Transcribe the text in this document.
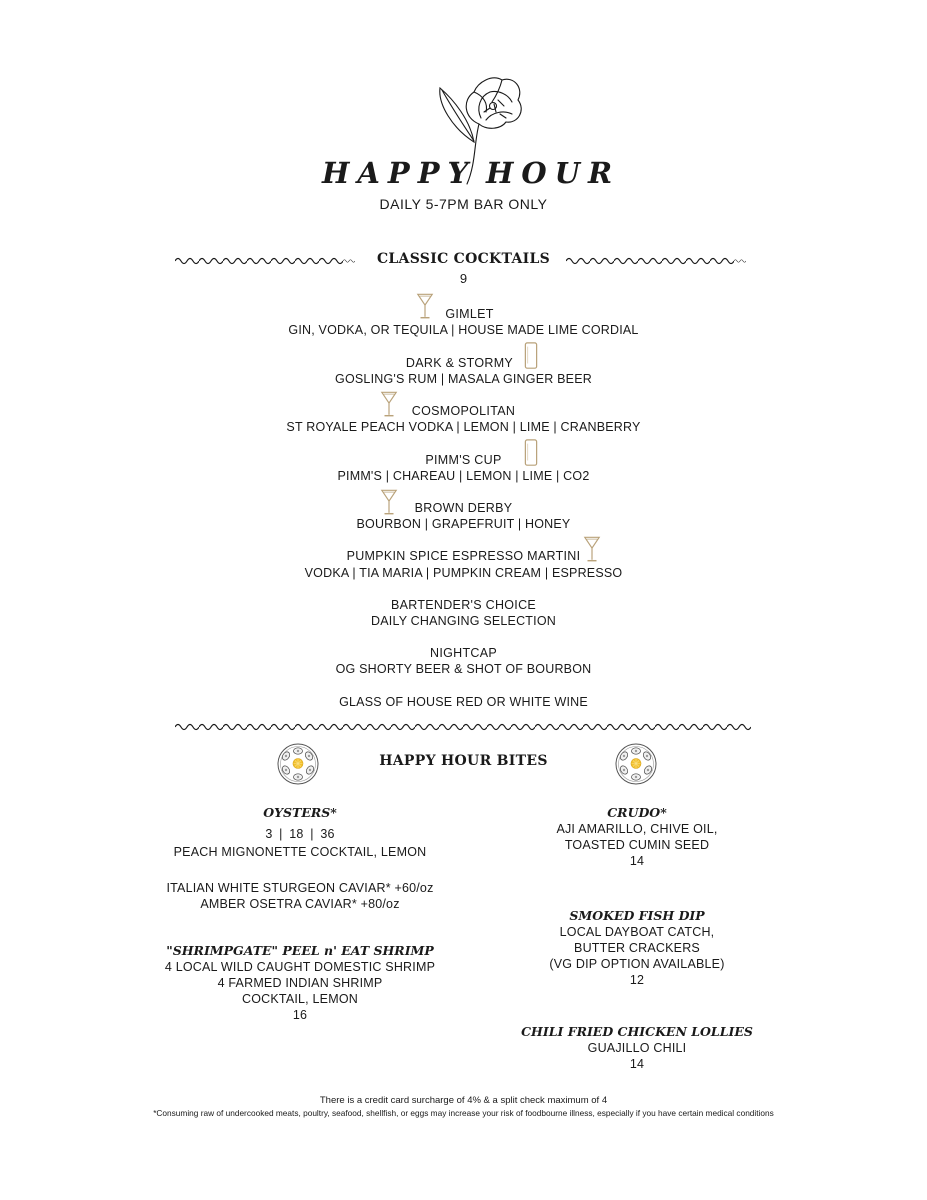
HAPPY HOUR
DAILY 5-7PM BAR ONLY
CLASSIC COCKTAILS
9
GIMLET
GIN, VODKA, OR TEQUILA | HOUSE MADE LIME CORDIAL
DARK & STORMY
GOSLING'S RUM | MASALA GINGER BEER
COSMOPOLITAN
ST ROYALE PEACH VODKA | LEMON | LIME | CRANBERRY
PIMM'S CUP
PIMM'S | CHAREAU | LEMON | LIME | CO2
BROWN DERBY
BOURBON | GRAPEFRUIT | HONEY
PUMPKIN SPICE ESPRESSO MARTINI
VODKA | TIA MARIA | PUMPKIN CREAM | ESPRESSO
BARTENDER'S CHOICE
DAILY CHANGING SELECTION
NIGHTCAP
OG SHORTY BEER & SHOT OF BOURBON
GLASS OF HOUSE RED OR WHITE WINE
HAPPY HOUR BITES
OYSTERS*
3 | 18 | 36
PEACH MIGNONETTE COCKTAIL, LEMON
ITALIAN WHITE STURGEON CAVIAR* +60/oz
AMBER OSETRA CAVIAR* +80/oz
"SHRIMPGATE" PEEL n' EAT SHRIMP
4 LOCAL WILD CAUGHT DOMESTIC SHRIMP
4 FARMED INDIAN SHRIMP
COCKTAIL, LEMON
16
CRUDO*
AJI AMARILLO, CHIVE OIL,
TOASTED CUMIN SEED
14
SMOKED FISH DIP
LOCAL DAYBOAT CATCH,
BUTTER CRACKERS
(VG DIP OPTION AVAILABLE)
12
CHILI FRIED CHICKEN LOLLIES
GUAJILLO CHILI
14
There is a credit card surcharge of 4% & a split check maximum of 4
*Consuming raw of undercooked meats, poultry, seafood, shellfish, or eggs may increase your risk of foodbourne illness, especially if you have certain medical conditions
